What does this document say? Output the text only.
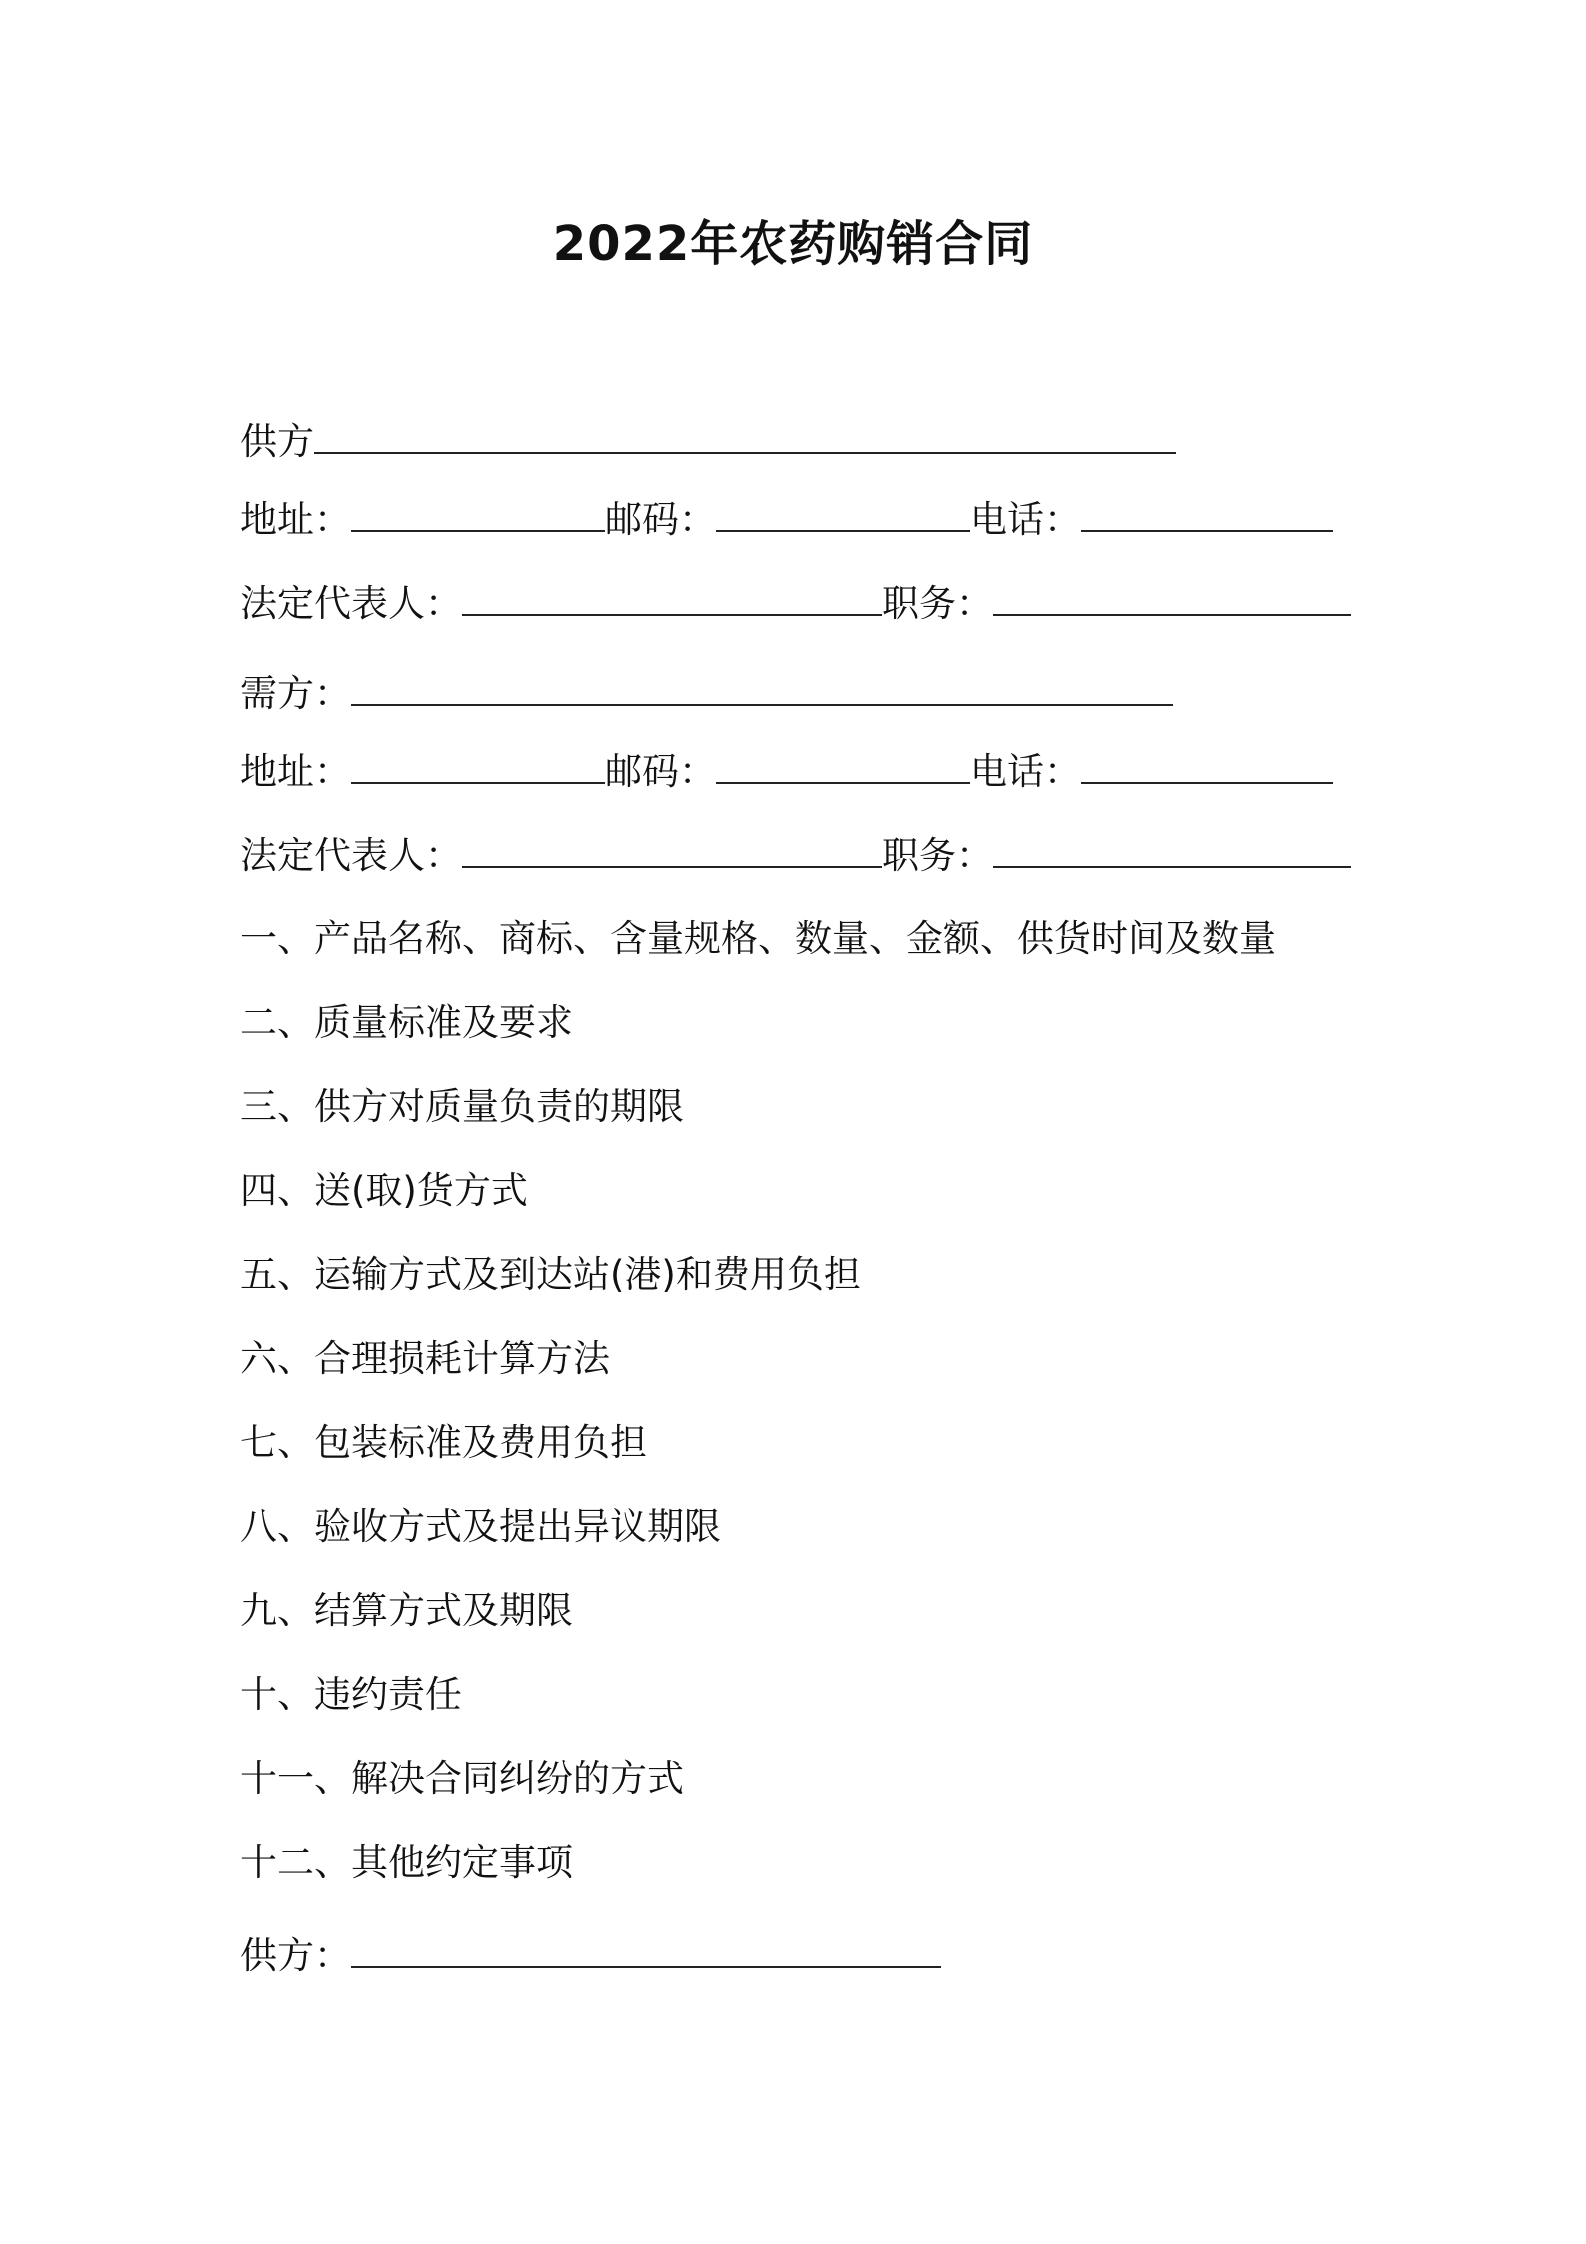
2022年农药购销合同
供方
地址：	邮码：	电话：
法定代表人：	职务：
需方：
地址：	邮码：	电话：
法定代表人：	职务：
一、产品名称、商标、含量规格、数量、金额、供货时间及数量
二、质量标准及要求
三、供方对质量负责的期限
四、送(取)货方式
五、运输方式及到达站(港)和费用负担
六、合理损耗计算方法
七、包装标准及费用负担
八、验收方式及提出异议期限
九、结算方式及期限
十、违约责任
十一、解决合同纠纷的方式
十二、其他约定事项
供方：
